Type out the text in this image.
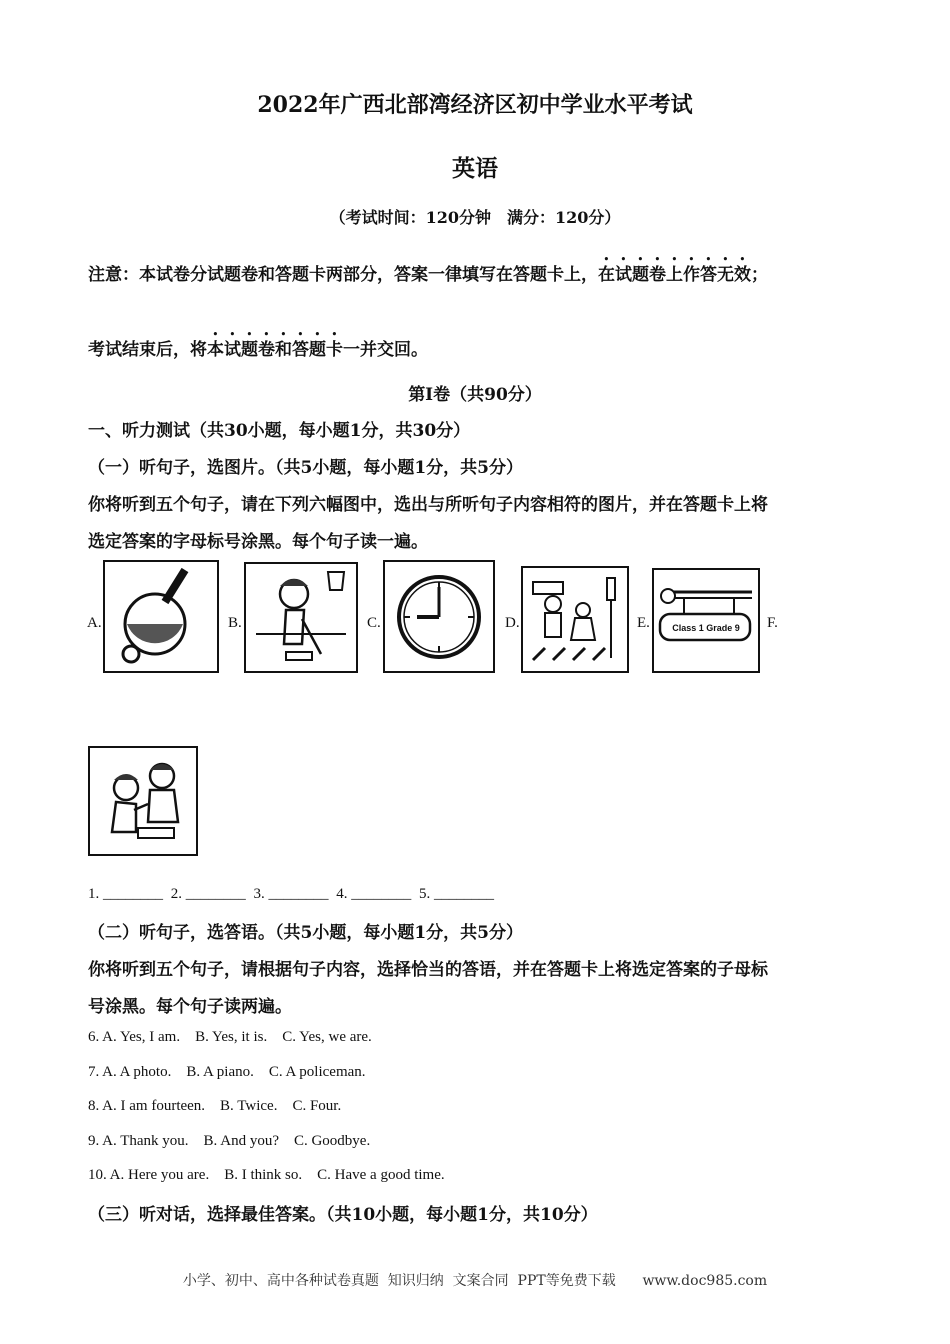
2022年广西北部湾经济区初中学业水平考试
英语
（考试时间：120分钟　满分：120分）
注意：本试卷分试题卷和答题卡两部分，答案一律填写在答题卡上，在试题卷上作答无效；
考试结束后，将本试题卷和答题卡一并交回。
第I卷（共90分）
一、听力测试（共30小题，每小题1分，共30分）
（一）听句子，选图片。（共5小题，每小题1分，共5分）
你将听到五个句子，请在下列六幅图中，选出与所听句子内容相符的图片，并在答题卡上将
选定答案的字母标号涂黑。每个句子读一遍。
A.	B.	C.	D.	E.	Class 1 Grade 9	F.
1. ________ 2. ________ 3. ________ 4. ________ 5. ________
（二）听句子，选答语。（共5小题，每小题1分，共5分）
你将听到五个句子，请根据句子内容，选择恰当的答语，并在答题卡上将选定答案的子母标
号涂黑。每个句子读两遍。
6. A. Yes, I am.    B. Yes, it is.    C. Yes, we are.
7. A. A photo.    B. A piano.    C. A policeman.
8. A. I am fourteen.    B. Twice.    C. Four.
9. A. Thank you.    B. And you?    C. Goodbye.
10. A. Here you are.    B. I think so.    C. Have a good time.
（三）听对话，选择最佳答案。（共10小题，每小题1分，共10分）
小学、初中、高中各种试卷真题  知识归纳  文案合同  PPT等免费下载      www.doc985.com
